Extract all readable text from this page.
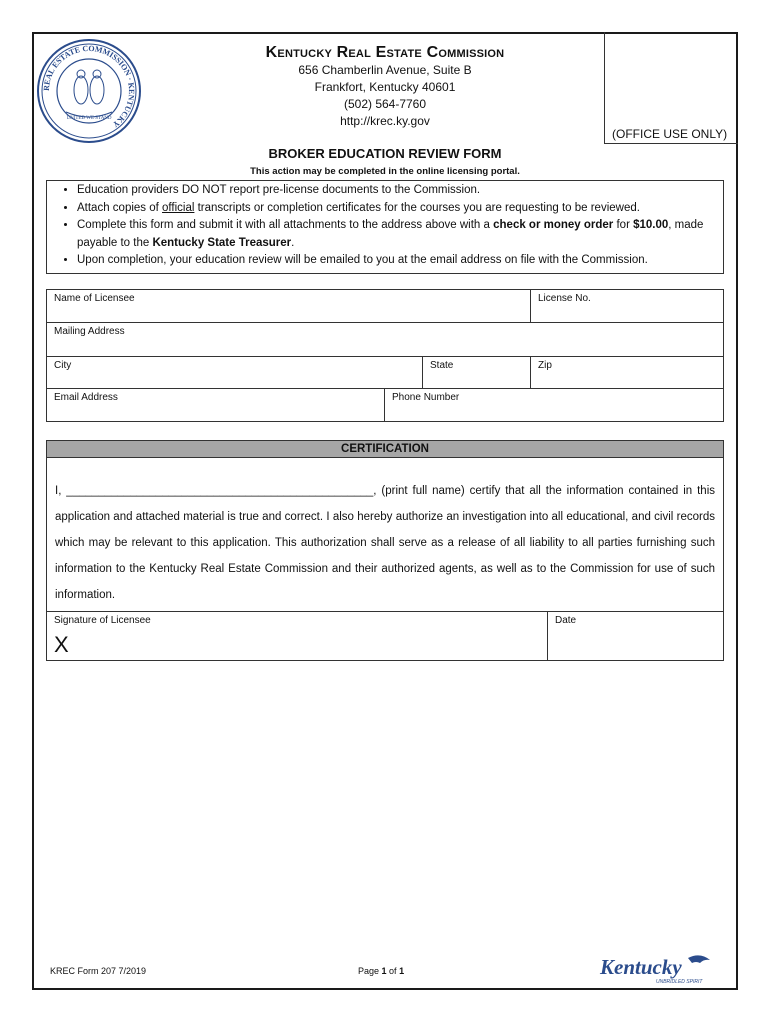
REAL ESTATE COMMISSION · KENTUCKY
UNITED WE STAND
Kentucky Real Estate Commission
656 Chamberlin Avenue, Suite B
Frankfort, Kentucky 40601
(502) 564-7760
http://krec.ky.gov
(OFFICE USE ONLY)
BROKER EDUCATION REVIEW FORM
This action may be completed in the online licensing portal.
• Education providers DO NOT report pre-license documents to the Commission.
• Attach copies of official transcripts or completion certificates for the courses you are requesting to be reviewed.
• Complete this form and submit it with all attachments to the address above with a check or money order for $10.00, made payable to the Kentucky State Treasurer.
• Upon completion, your education review will be emailed to you at the email address on file with the Commission.
Name of Licensee	License No.
Mailing Address
City	State	Zip
Email Address	Phone Number
CERTIFICATION
I, ________________________________________________, (print full name) certify that all the information contained in this application and attached material is true and correct. I also hereby authorize an investigation into all educational, and civil records which may be relevant to this application. This authorization shall serve as a release of all liability to all parties furnishing such information to the Kentucky Real Estate Commission and their authorized agents, as well as to the Commission for use of such information.
Signature of Licensee	Date
X
KREC Form 207 7/2019	Page 1 of 1	Kentucky
UNBRIDLED SPIRIT
